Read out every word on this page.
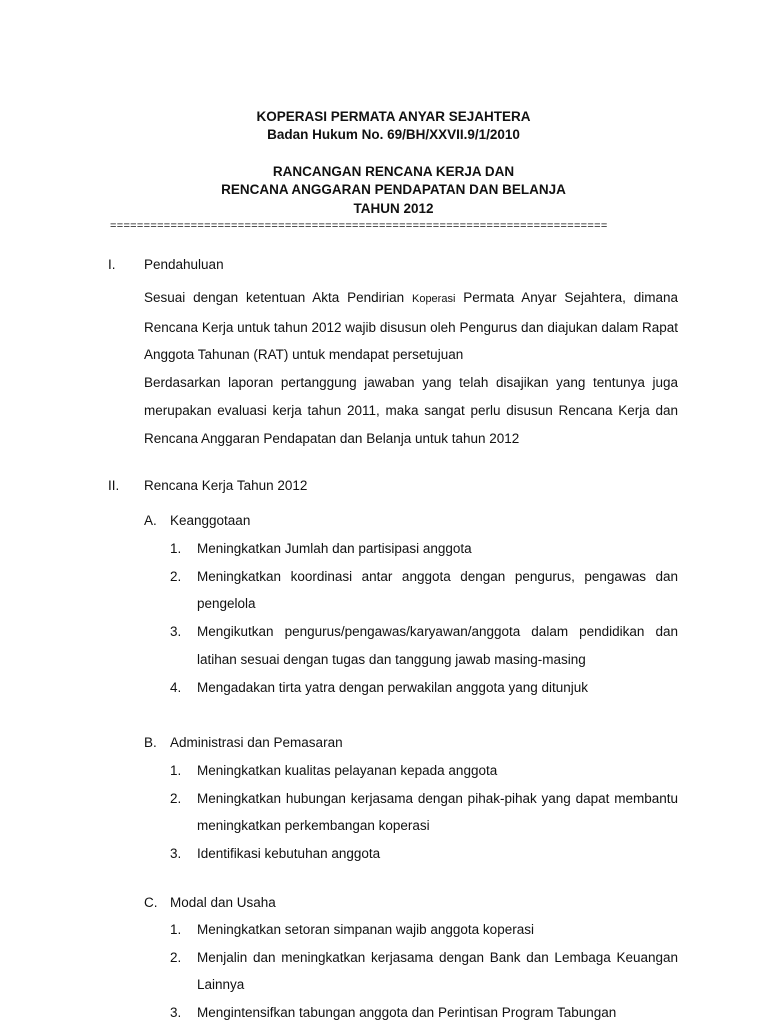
KOPERASI PERMATA ANYAR SEJAHTERA
Badan Hukum No. 69/BH/XXVII.9/1/2010
RANCANGAN RENCANA KERJA DAN
RENCANA ANGGARAN PENDAPATAN DAN BELANJA
TAHUN 2012
==========================================================================
I. Pendahuluan

Sesuai dengan ketentuan Akta Pendirian Koperasi Permata Anyar Sejahtera, dimana Rencana Kerja untuk tahun 2012 wajib disusun oleh Pengurus dan diajukan dalam Rapat Anggota Tahunan (RAT) untuk mendapat persetujuan

Berdasarkan laporan pertanggung jawaban yang telah disajikan yang tentunya juga merupakan evaluasi kerja tahun 2011, maka sangat perlu disusun Rencana Kerja dan Rencana Anggaran Pendapatan dan Belanja untuk tahun 2012

II. Rencana Kerja Tahun 2012
A. Keanggotaan
1. Meningkatkan Jumlah dan partisipasi anggota
2. Meningkatkan koordinasi antar anggota dengan pengurus, pengawas dan pengelola
3. Mengikutkan pengurus/pengawas/karyawan/anggota dalam pendidikan dan latihan sesuai dengan tugas dan tanggung jawab masing-masing
4. Mengadakan tirta yatra dengan perwakilan anggota yang ditunjuk
B. Administrasi dan Pemasaran
1. Meningkatkan kualitas pelayanan kepada anggota
2. Meningkatkan hubungan kerjasama dengan pihak-pihak yang dapat membantu meningkatkan perkembangan koperasi
3. Identifikasi kebutuhan anggota
C. Modal dan Usaha
1. Meningkatkan setoran simpanan wajib anggota koperasi
2. Menjalin dan meningkatkan kerjasama dengan Bank dan Lembaga Keuangan Lainnya
3. Mengintensifkan tabungan anggota dan Perintisan Program Tabungan
